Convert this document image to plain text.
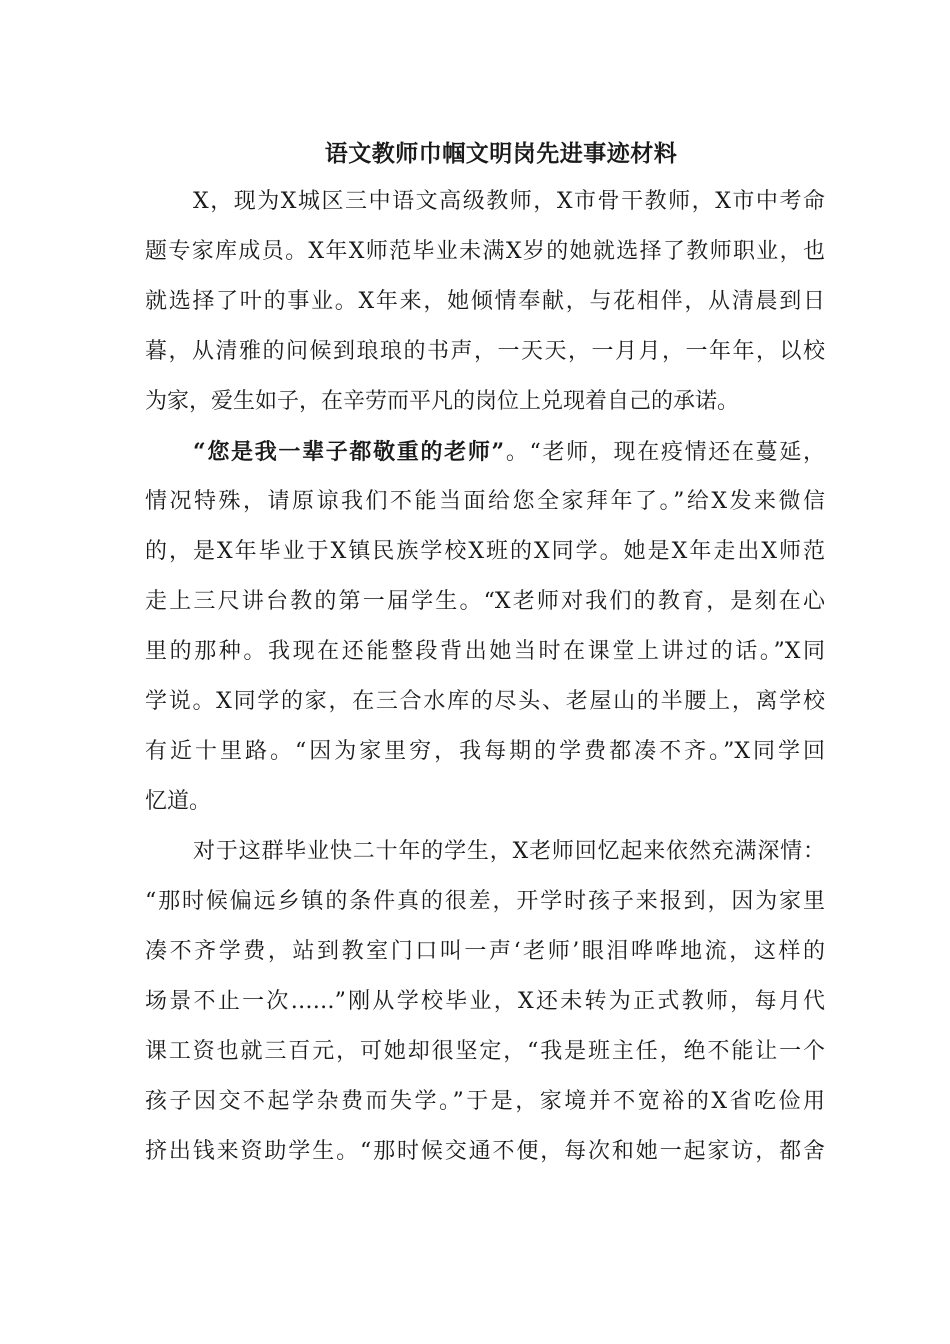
语文教师巾帼文明岗先进事迹材料
X，现为X城区三中语文高级教师，X市骨干教师，X市中考命
题专家库成员。X年X师范毕业未满X岁的她就选择了教师职业，也
就选择了叶的事业。X年来，她倾情奉献，与花相伴，从清晨到日
暮，从清雅的问候到琅琅的书声，一天天，一月月，一年年，以校
为家，爱生如子，在辛劳而平凡的岗位上兑现着自己的承诺。
“您是我一辈子都敬重的老师”。“老师，现在疫情还在蔓延，
情况特殊，请原谅我们不能当面给您全家拜年了。”给X发来微信
的，是X年毕业于X镇民族学校X班的X同学。她是X年走出X师范
走上三尺讲台教的第一届学生。“X老师对我们的教育，是刻在心
里的那种。我现在还能整段背出她当时在课堂上讲过的话。”X同
学说。X同学的家，在三合水库的尽头、老屋山的半腰上，离学校
有近十里路。“因为家里穷，我每期的学费都凑不齐。”X同学回
忆道。
对于这群毕业快二十年的学生，X老师回忆起来依然充满深情：
“那时候偏远乡镇的条件真的很差，开学时孩子来报到，因为家里
凑不齐学费，站到教室门口叫一声‘老师’眼泪哗哗地流，这样的
场景不止一次……”刚从学校毕业，X还未转为正式教师，每月代
课工资也就三百元，可她却很坚定，“我是班主任，绝不能让一个
孩子因交不起学杂费而失学。”于是，家境并不宽裕的X省吃俭用
挤出钱来资助学生。“那时候交通不便，每次和她一起家访，都舍
